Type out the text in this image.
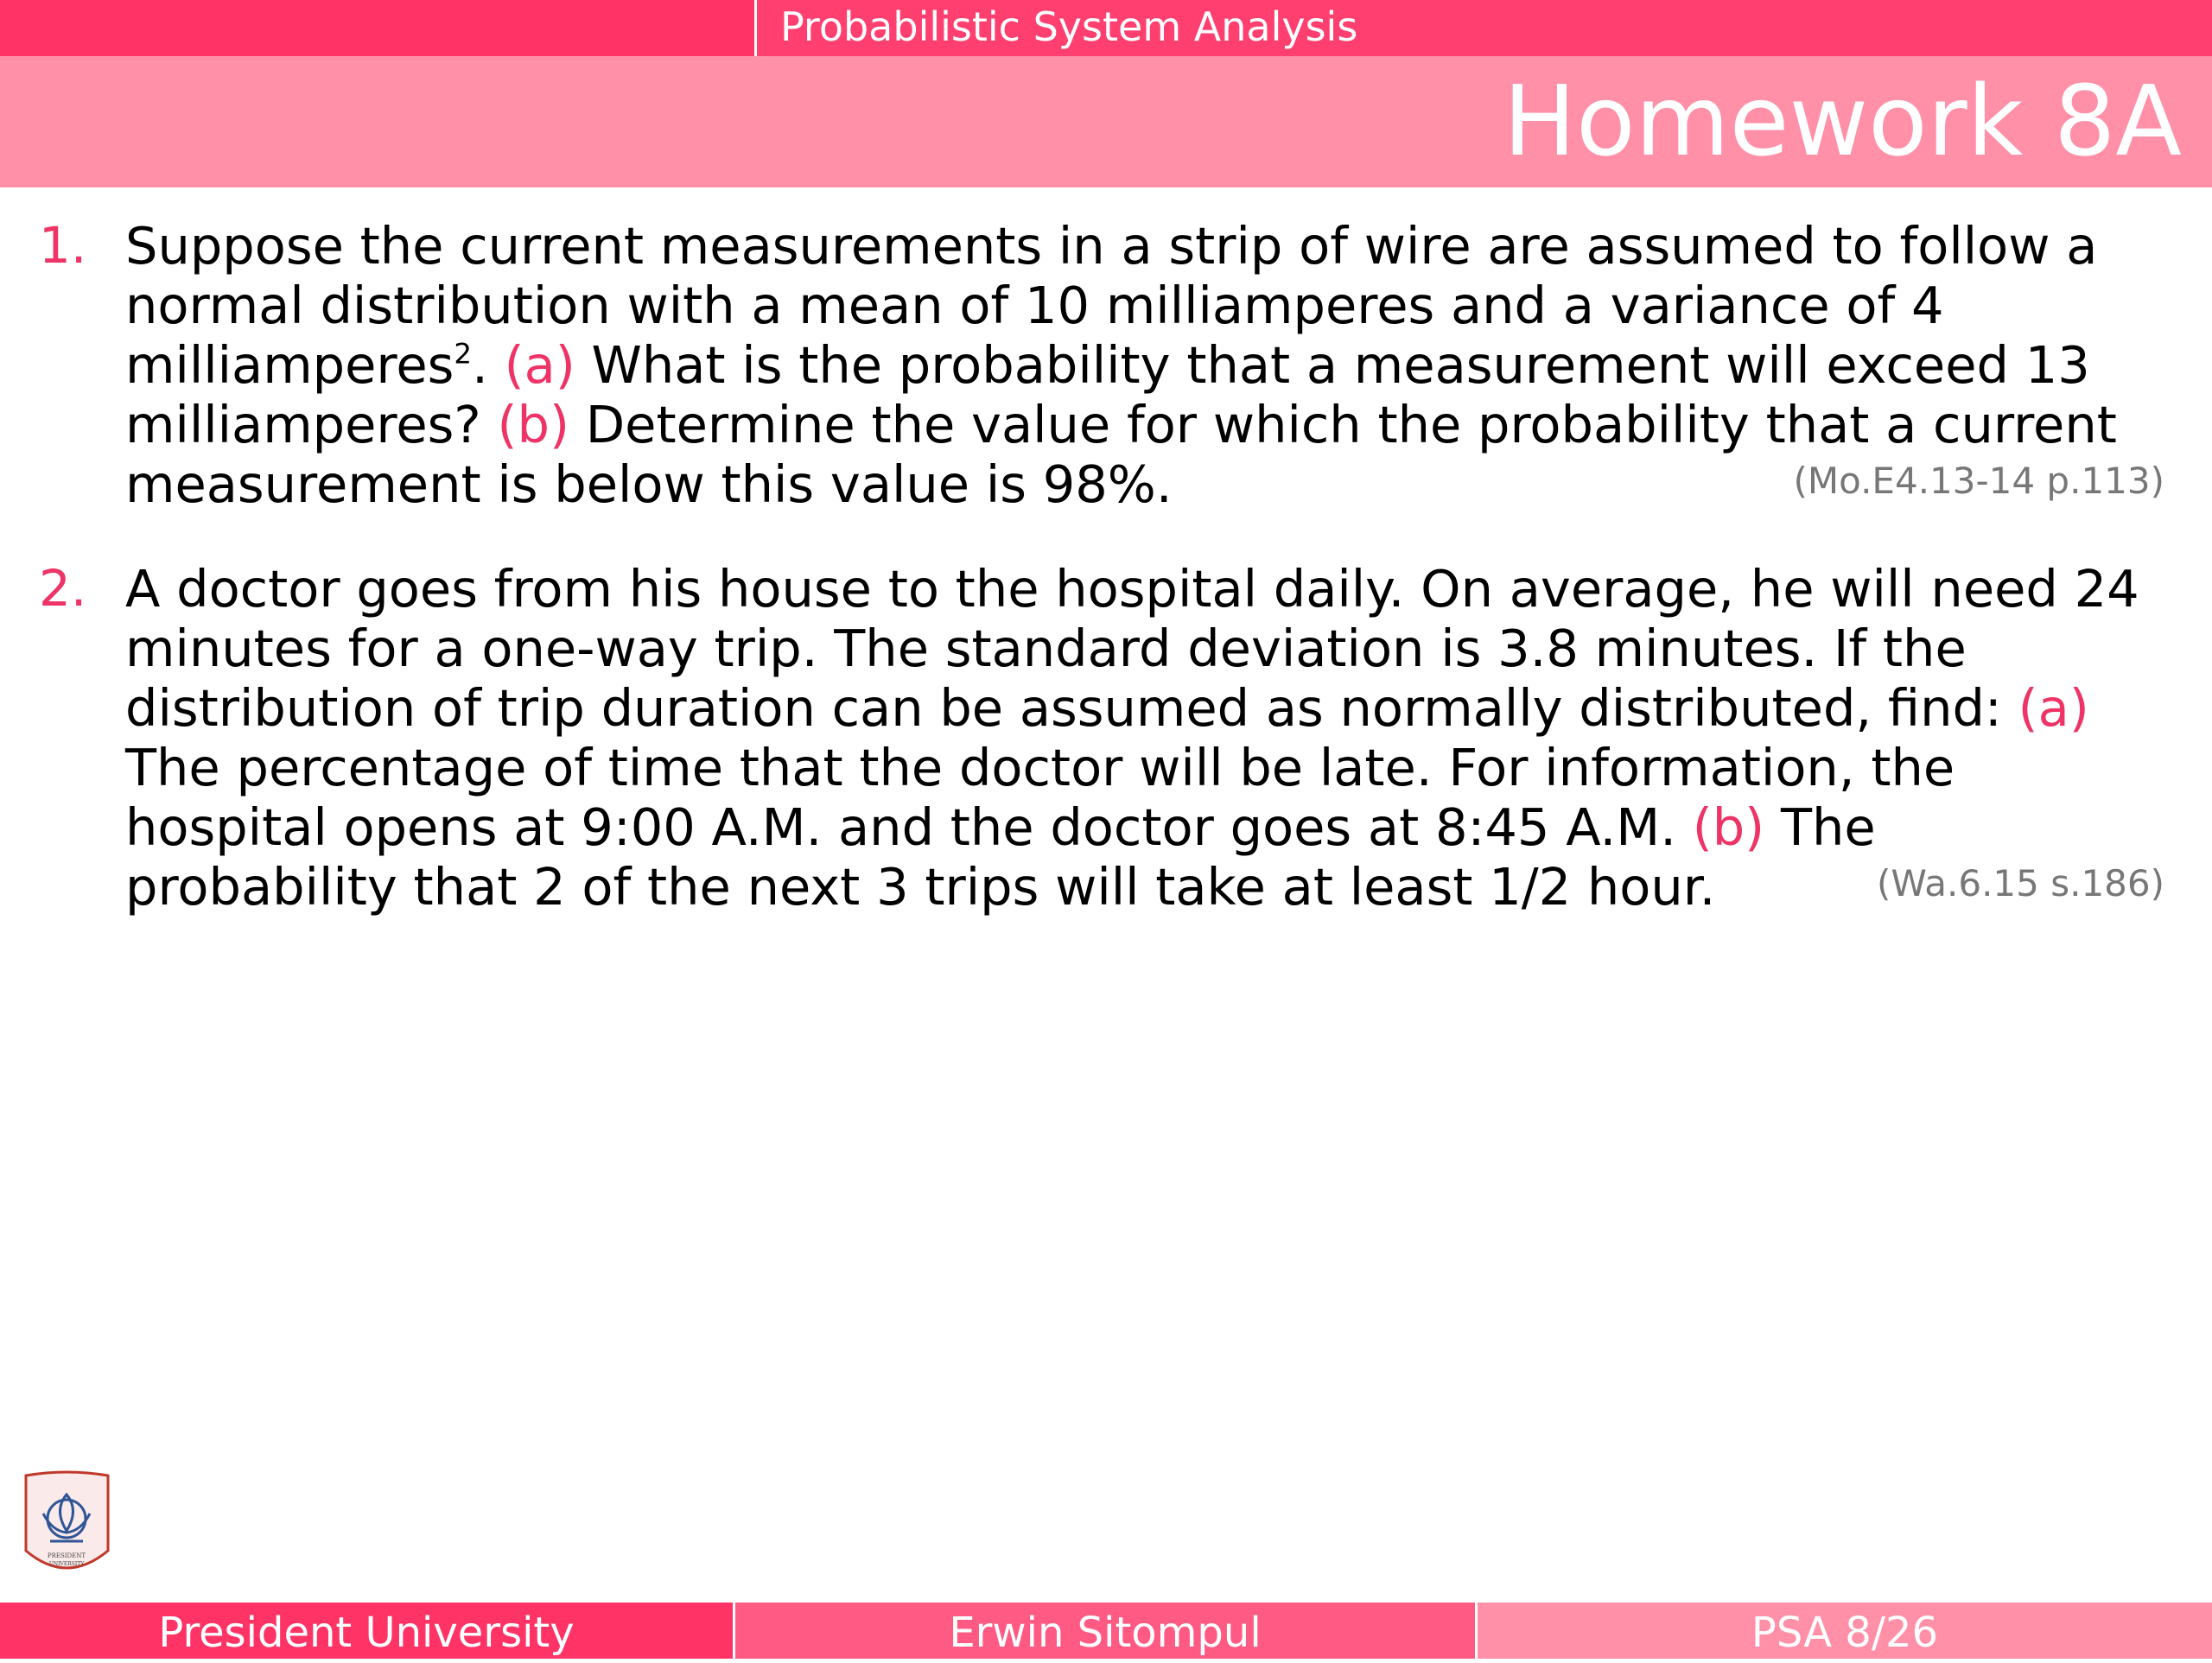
Probabilistic System Analysis
Homework 8A
1. Suppose the current measurements in a strip of wire are assumed to follow a normal distribution with a mean of 10 milliamperes and a variance of 4 milliamperes$^2$. (a) What is the probability that a measurement will exceed 13 milliamperes? (b) Determine the value for which the probability that a current measurement is below this value is 98%.	(Mo.E4.13-14 p.113)
2. A doctor goes from his house to the hospital daily. On average, he will need 24 minutes for a one-way trip. The standard deviation is 3.8 minutes. If the distribution of trip duration can be assumed as normally distributed, find: (a) The percentage of time that the doctor will be late. For information, the hospital opens at 9:00 A.M. and the doctor goes at 8:45 A.M. (b) The probability that 2 of the next 3 trips will take at least 1/2 hour.	(Wa.6.15 s.186)
PRESIDENT
UNIVERSITY
President University	Erwin Sitompul	PSA 8/26
